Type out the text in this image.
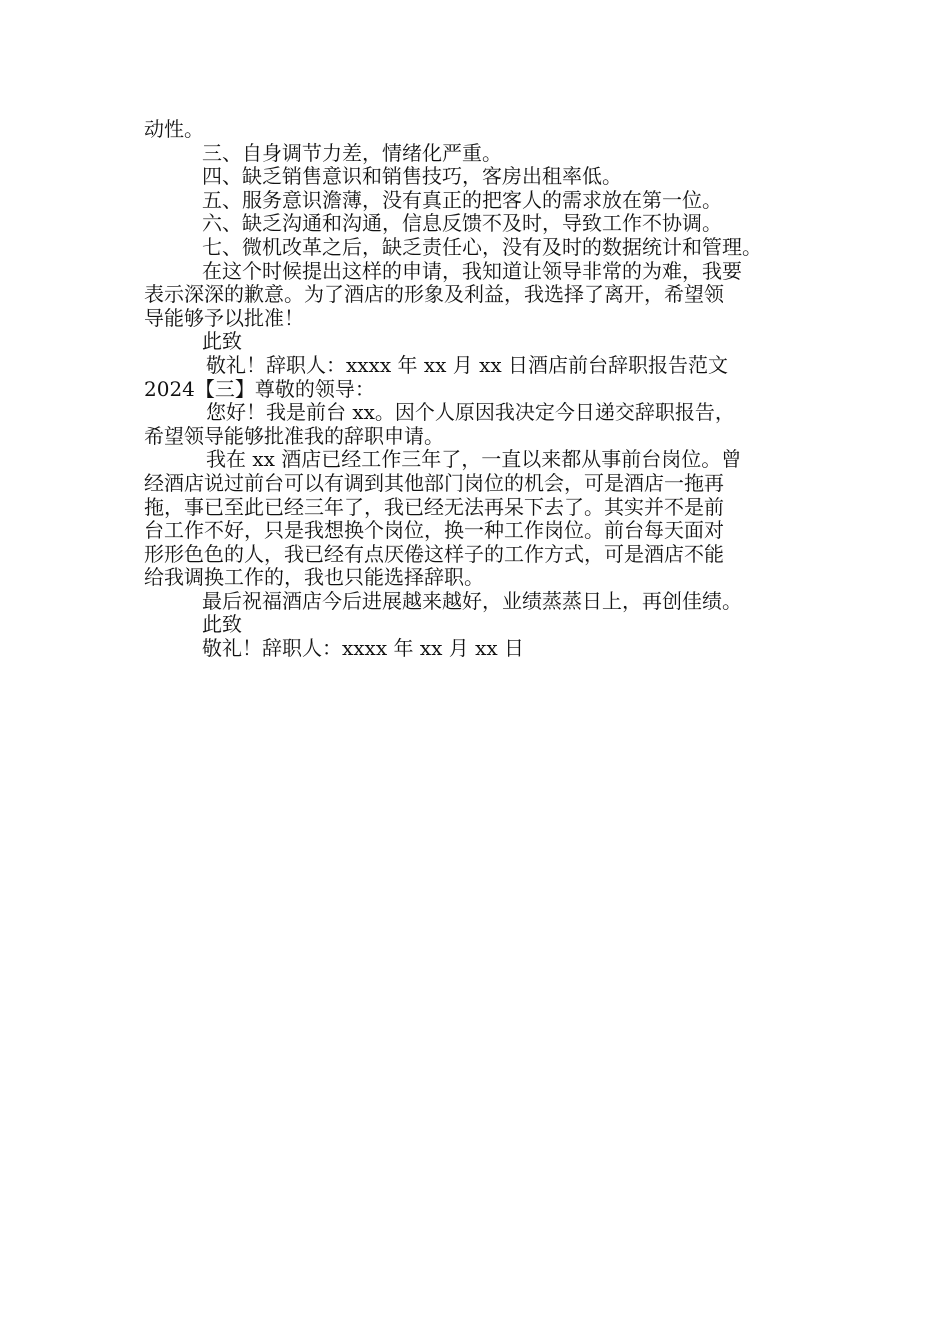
动性。
三、自身调节力差，情绪化严重。
四、缺乏销售意识和销售技巧，客房出租率低。
五、服务意识澹薄，没有真正的把客人的需求放在第一位。
六、缺乏沟通和沟通，信息反馈不及时，导致工作不协调。
七、微机改革之后，缺乏责任心，没有及时的数据统计和管理。
在这个时候提出这样的申请，我知道让领导非常的为难，我要
表示深深的歉意。为了酒店的形象及利益，我选择了离开，希望领
导能够予以批准！
此致
敬礼！辞职人：xxxx 年 xx 月 xx 日酒店前台辞职报告范文
2024【三】尊敬的领导：
您好！我是前台 xx。因个人原因我决定今日递交辞职报告，
希望领导能够批准我的辞职申请。
我在 xx 酒店已经工作三年了，一直以来都从事前台岗位。曾
经酒店说过前台可以有调到其他部门岗位的机会，可是酒店一拖再
拖，事已至此已经三年了，我已经无法再呆下去了。其实并不是前
台工作不好，只是我想换个岗位，换一种工作岗位。前台每天面对
形形色色的人，我已经有点厌倦这样子的工作方式，可是酒店不能
给我调换工作的，我也只能选择辞职。
最后祝福酒店今后进展越来越好，业绩蒸蒸日上，再创佳绩。
此致
敬礼！辞职人：xxxx 年 xx 月 xx 日
